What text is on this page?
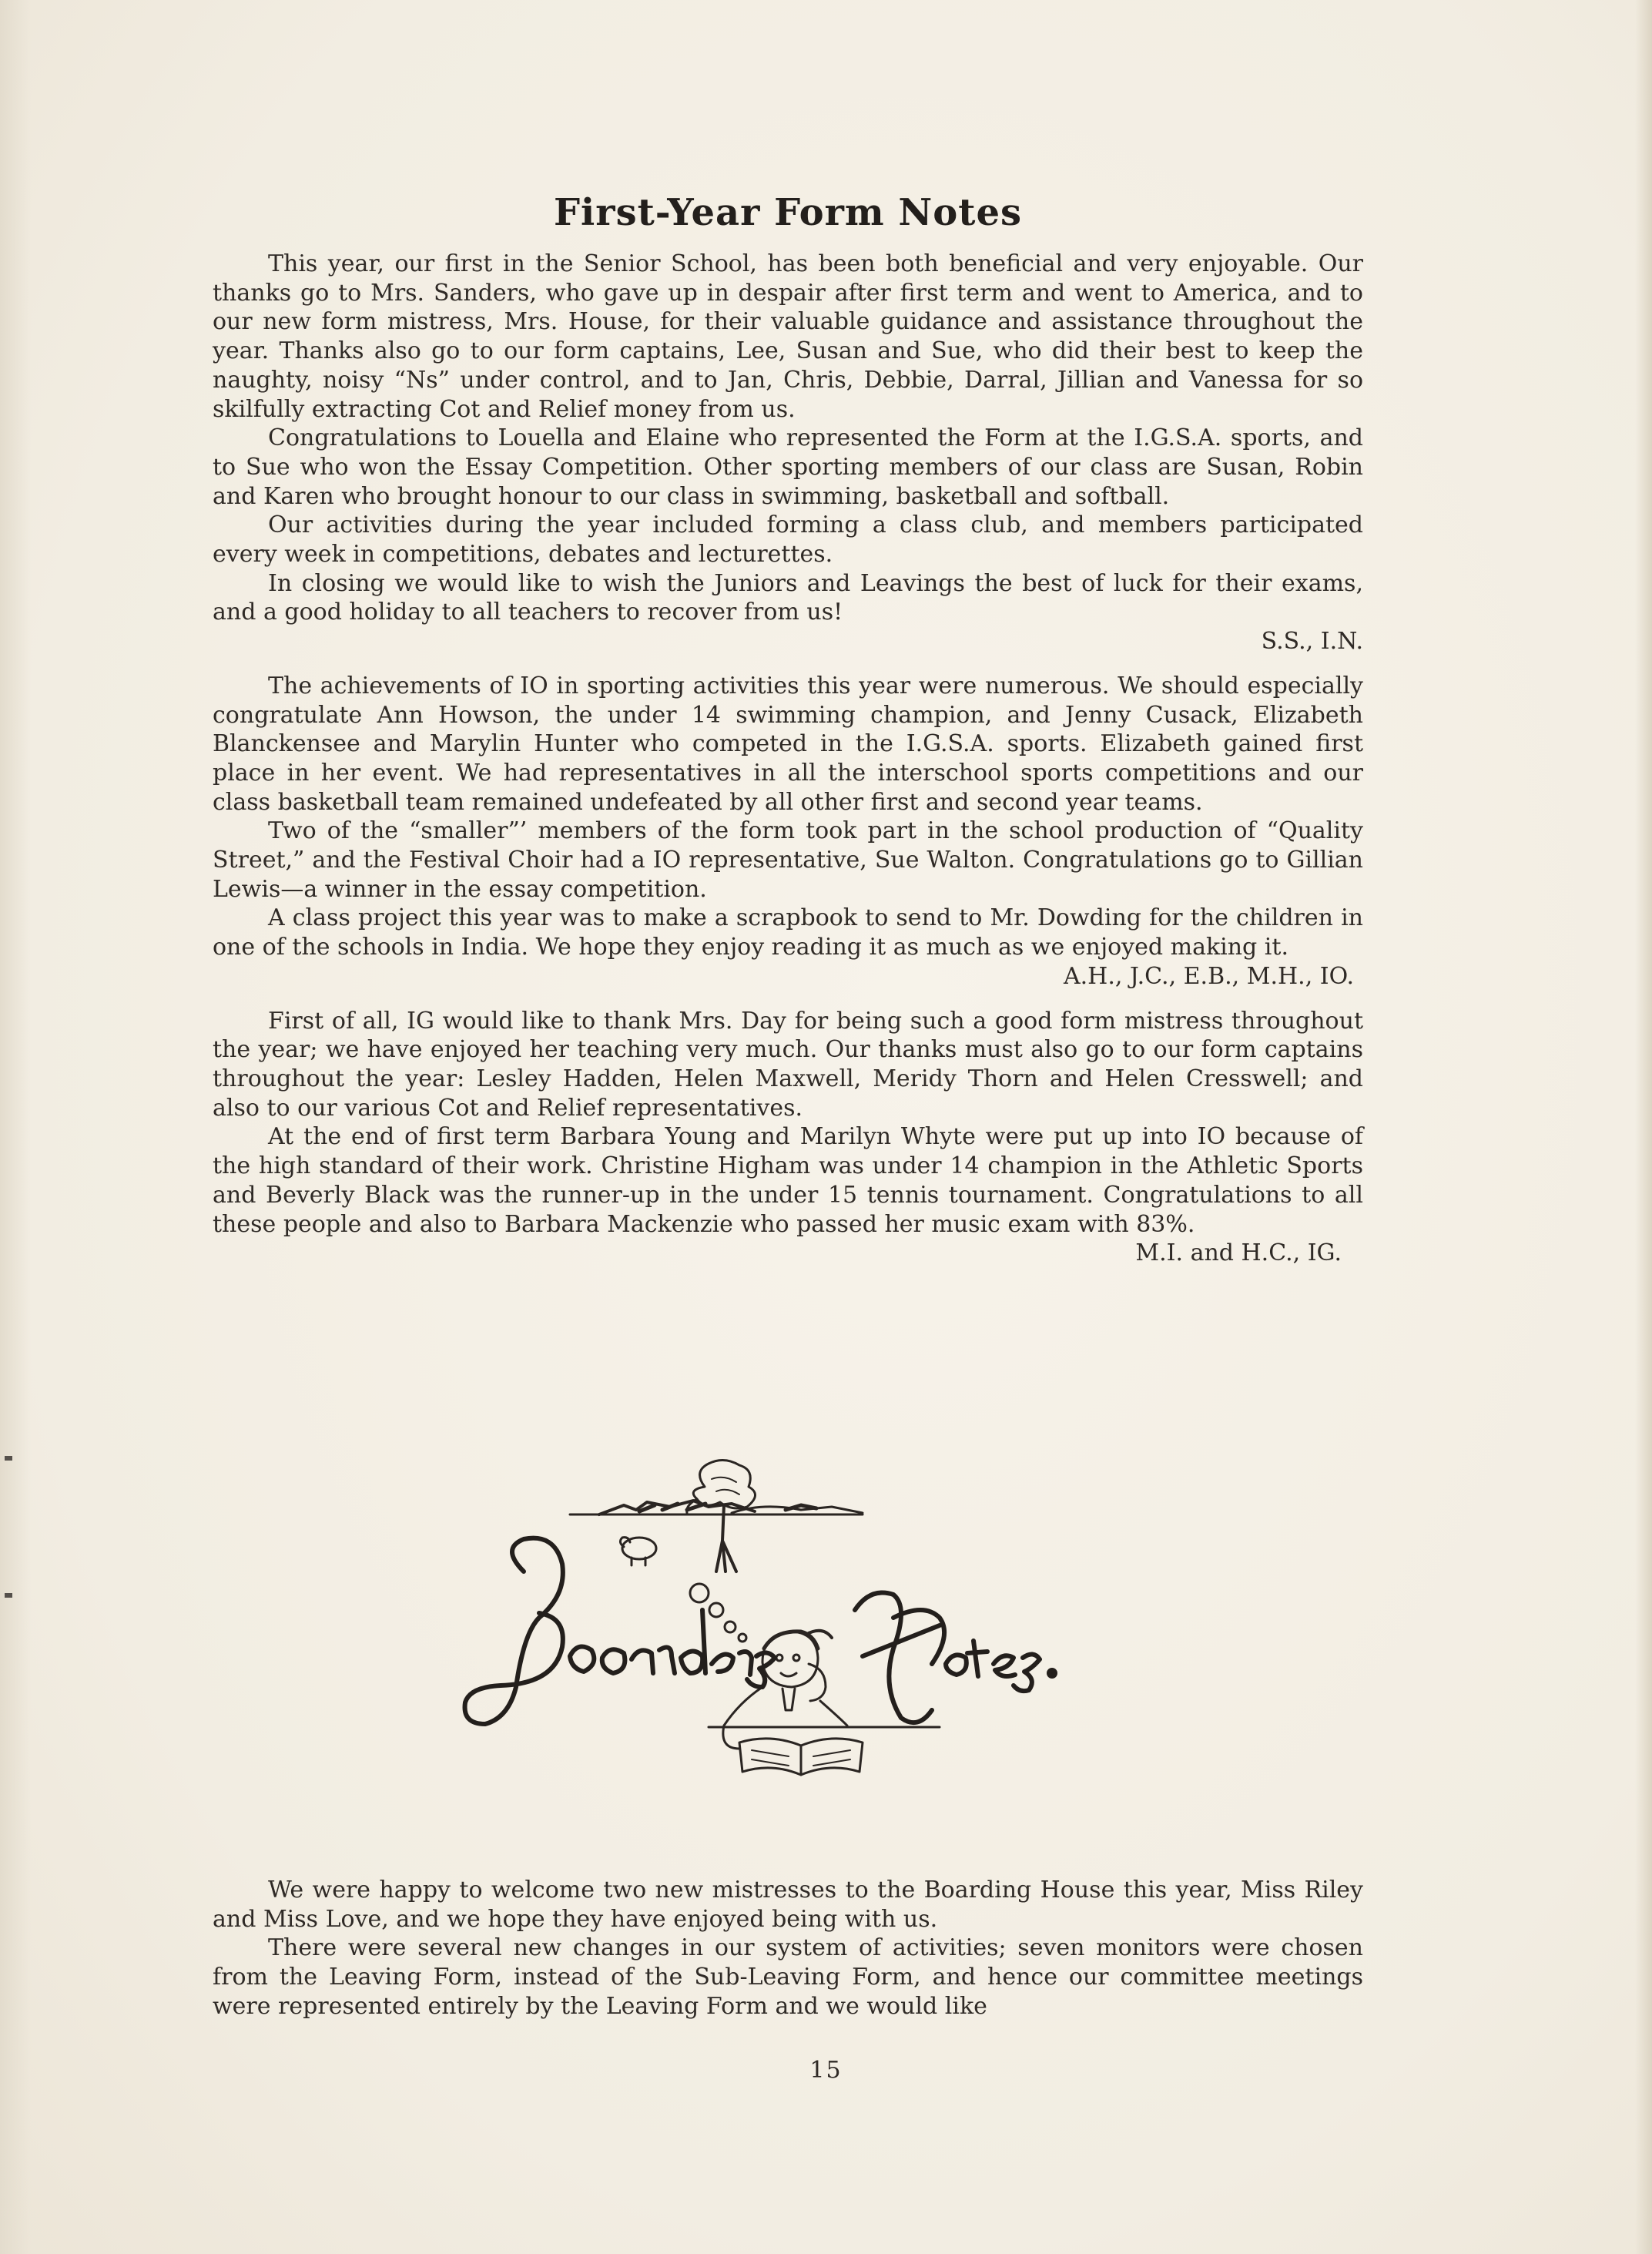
First-Year Form Notes

This year, our first in the Senior School, has been both beneficial and very enjoyable. Our thanks go to Mrs. Sanders, who gave up in despair after first term and went to America, and to our new form mistress, Mrs. House, for their valuable guidance and assistance throughout the year. Thanks also go to our form captains, Lee, Susan and Sue, who did their best to keep the naughty, noisy “Ns” under control, and to Jan, Chris, Debbie, Darral, Jillian and Vanessa for so skilfully extracting Cot and Relief money from us.

Congratulations to Louella and Elaine who represented the Form at the I.G.S.A. sports, and to Sue who won the Essay Competition. Other sporting members of our class are Susan, Robin and Karen who brought honour to our class in swimming, basketball and softball.

Our activities during the year included forming a class club, and members participated every week in competitions, debates and lecturettes.

In closing we would like to wish the Juniors and Leavings the best of luck for their exams, and a good holiday to all teachers to recover from us!

S.S., I.N.

The achievements of IO in sporting activities this year were numerous. We should especially congratulate Ann Howson, the under 14 swimming champion, and Jenny Cusack, Elizabeth Blanckensee and Marylin Hunter who competed in the I.G.S.A. sports. Elizabeth gained first place in her event. We had representatives in all the interschool sports competitions and our class basketball team remained undefeated by all other first and second year teams.

Two of the “smaller”’ members of the form took part in the school production of “Quality Street,” and the Festival Choir had a IO representative, Sue Walton. Congratulations go to Gillian Lewis—a winner in the essay competition.

A class project this year was to make a scrapbook to send to Mr. Dowding for the children in one of the schools in India. We hope they enjoy reading it as much as we enjoyed making it.

A.H., J.C., E.B., M.H., IO.

First of all, IG would like to thank Mrs. Day for being such a good form mistress throughout the year; we have enjoyed her teaching very much. Our thanks must also go to our form captains throughout the year: Lesley Hadden, Helen Maxwell, Meridy Thorn and Helen Cresswell; and also to our various Cot and Relief representatives.

At the end of first term Barbara Young and Marilyn Whyte were put up into IO because of the high standard of their work. Christine Higham was under 14 champion in the Athletic Sports and Beverly Black was the runner-up in the under 15 tennis tournament. Congratulations to all these people and also to Barbara Mackenzie who passed her music exam with 83%.

M.I. and H.C., IG.

We were happy to welcome two new mistresses to the Boarding House this year, Miss Riley and Miss Love, and we hope they have enjoyed being with us.

There were several new changes in our system of activities; seven monitors were chosen from the Leaving Form, instead of the Sub-Leaving Form, and hence our committee meetings were represented entirely by the Leaving Form and we would like

15
